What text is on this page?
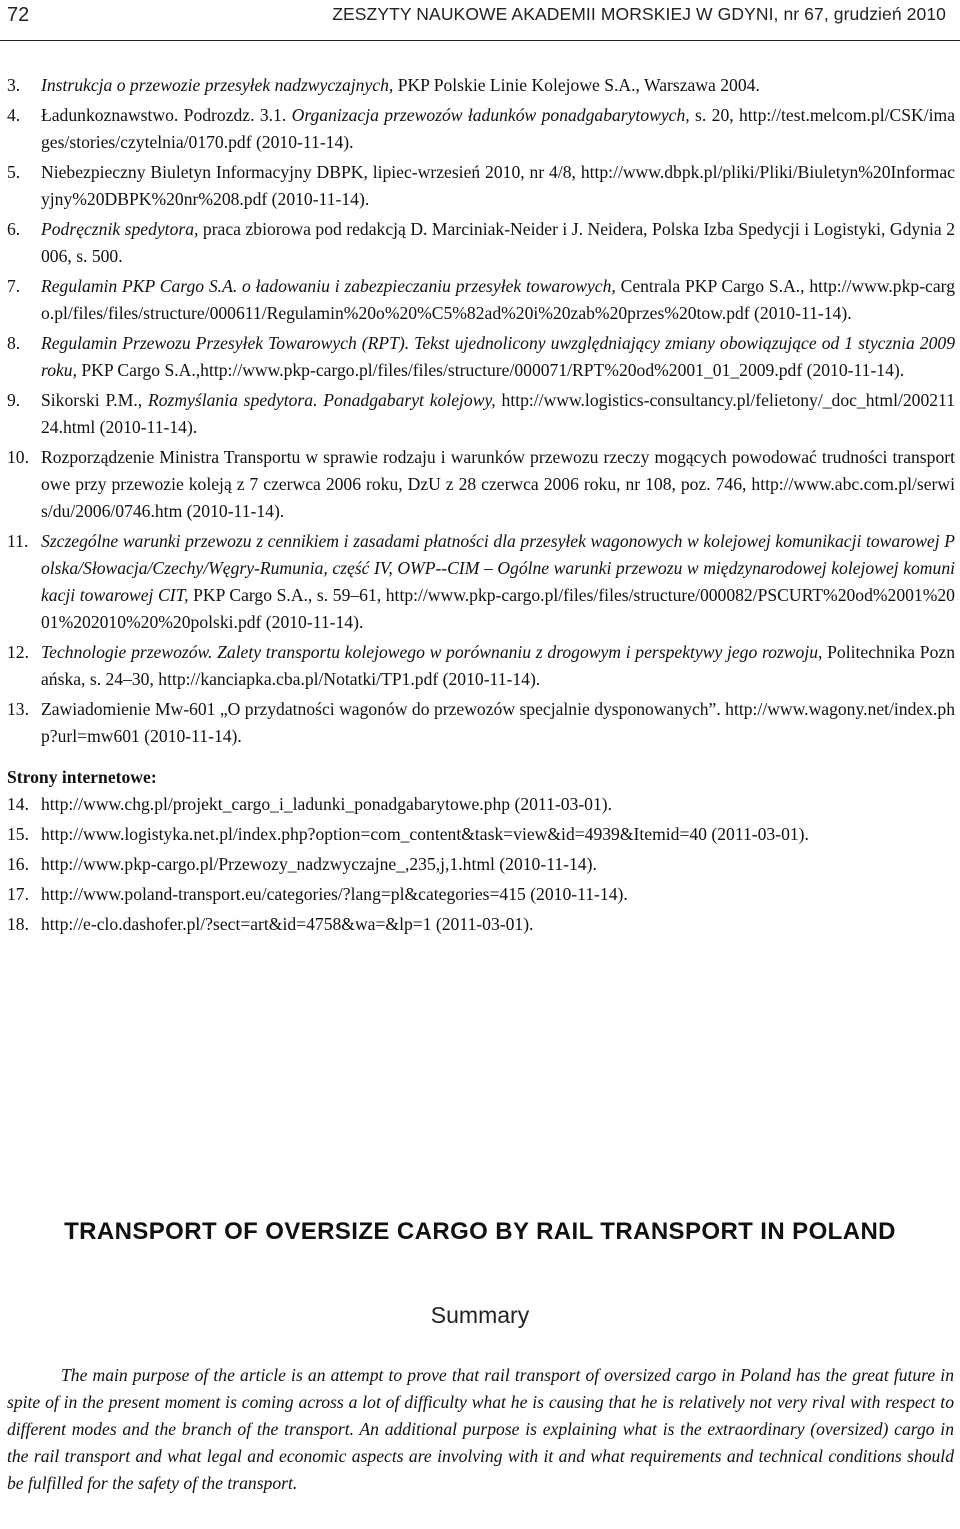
72	ZESZYTY NAUKOWE AKADEMII MORSKIEJ W GDYNI, nr 67, grudzień 2010
3.	Instrukcja o przewozie przesyłek nadzwyczajnych, PKP Polskie Linie Kolejowe S.A., Warszawa 2004.
4.	Ładunkoznawstwo. Podrozdz. 3.1. Organizacja przewozów ładunków ponadgabarytowych, s. 20, http://test.melcom.pl/CSK/images/stories/czytelnia/0170.pdf (2010-11-14).
5.	Niebezpieczny Biuletyn Informacyjny DBPK, lipiec-wrzesień 2010, nr 4/8, http://www.dbpk.pl/pliki/Pliki/Biuletyn%20Informacyjny%20DBPK%20nr%208.pdf (2010-11-14).
6.	Podręcznik spedytora, praca zbiorowa pod redakcją D. Marciniak-Neider i J. Neidera, Polska Izba Spedycji i Logistyki, Gdynia 2006, s. 500.
7.	Regulamin PKP Cargo S.A. o ładowaniu i zabezpieczaniu przesyłek towarowych, Centrala PKP Cargo S.A., http://www.pkp-cargo.pl/files/files/structure/000611/Regulamin%20o%20%C5%82ad%20i%20zab%20przes%20tow.pdf (2010-11-14).
8.	Regulamin Przewozu Przesyłek Towarowych (RPT). Tekst ujednolicony uwzględniający zmiany obowiązujące od 1 stycznia 2009 roku, PKP Cargo S.A.,http://www.pkp-cargo.pl/files/files/structure/000071/RPT%20od%2001_01_2009.pdf (2010-11-14).
9.	Sikorski P.M., Rozmyślania spedytora. Ponadgabaryt kolejowy, http://www.logistics-consultancy.pl/felietony/_doc_html/20021124.html (2010-11-14).
10. Rozporządzenie Ministra Transportu w sprawie rodzaju i warunków przewozu rzeczy mogących powodować trudności transportowe przy przewozie koleją z 7 czerwca 2006 roku, DzU z 28 czerwca 2006 roku, nr 108, poz. 746, http://www.abc.com.pl/serwis/du/2006/0746.htm (2010-11-14).
11. Szczególne warunki przewozu z cennikiem i zasadami płatności dla przesyłek wagonowych w kolejowej komunikacji towarowej Polska/Słowacja/Czechy/Węgry-Rumunia, część IV, OWP--CIM – Ogólne warunki przewozu w międzynarodowej kolejowej komunikacji towarowej CIT, PKP Cargo S.A., s. 59–61, http://www.pkp-cargo.pl/files/files/structure/000082/PSCURT%20od%2001%2001%202010%20%20polski.pdf (2010-11-14).
12. Technologie przewozów. Zalety transportu kolejowego w porównaniu z drogowym i perspektywy jego rozwoju, Politechnika Poznańska, s. 24–30, http://kanciapka.cba.pl/Notatki/TP1.pdf (2010-11-14).
13. Zawiadomienie Mw-601 „O przydatności wagonów do przewozów specjalnie dysponowanych”. http://www.wagony.net/index.php?url=mw601 (2010-11-14).
Strony internetowe:
14. http://www.chg.pl/projekt_cargo_i_ladunki_ponadgabarytowe.php (2011-03-01).
15. http://www.logistyka.net.pl/index.php?option=com_content&task=view&id=4939&Itemid=40 (2011-03-01).
16. http://www.pkp-cargo.pl/Przewozy_nadzwyczajne_,235,j,1.html (2010-11-14).
17. http://www.poland-transport.eu/categories/?lang=pl&categories=415 (2010-11-14).
18. http://e-clo.dashofer.pl/?sect=art&id=4758&wa=&lp=1 (2011-03-01).
TRANSPORT OF OVERSIZE CARGO BY RAIL TRANSPORT IN POLAND
Summary

The main purpose of the article is an attempt to prove that rail transport of oversized cargo in Poland has the great future in spite of in the present moment is coming across a lot of difficulty what he is causing that he is relatively not very rival with respect to different modes and the branch of the transport. An additional purpose is explaining what is the extraordinary (oversized) cargo in the rail transport and what legal and economic aspects are involving with it and what requirements and technical conditions should be fulfilled for the safety of the transport.
